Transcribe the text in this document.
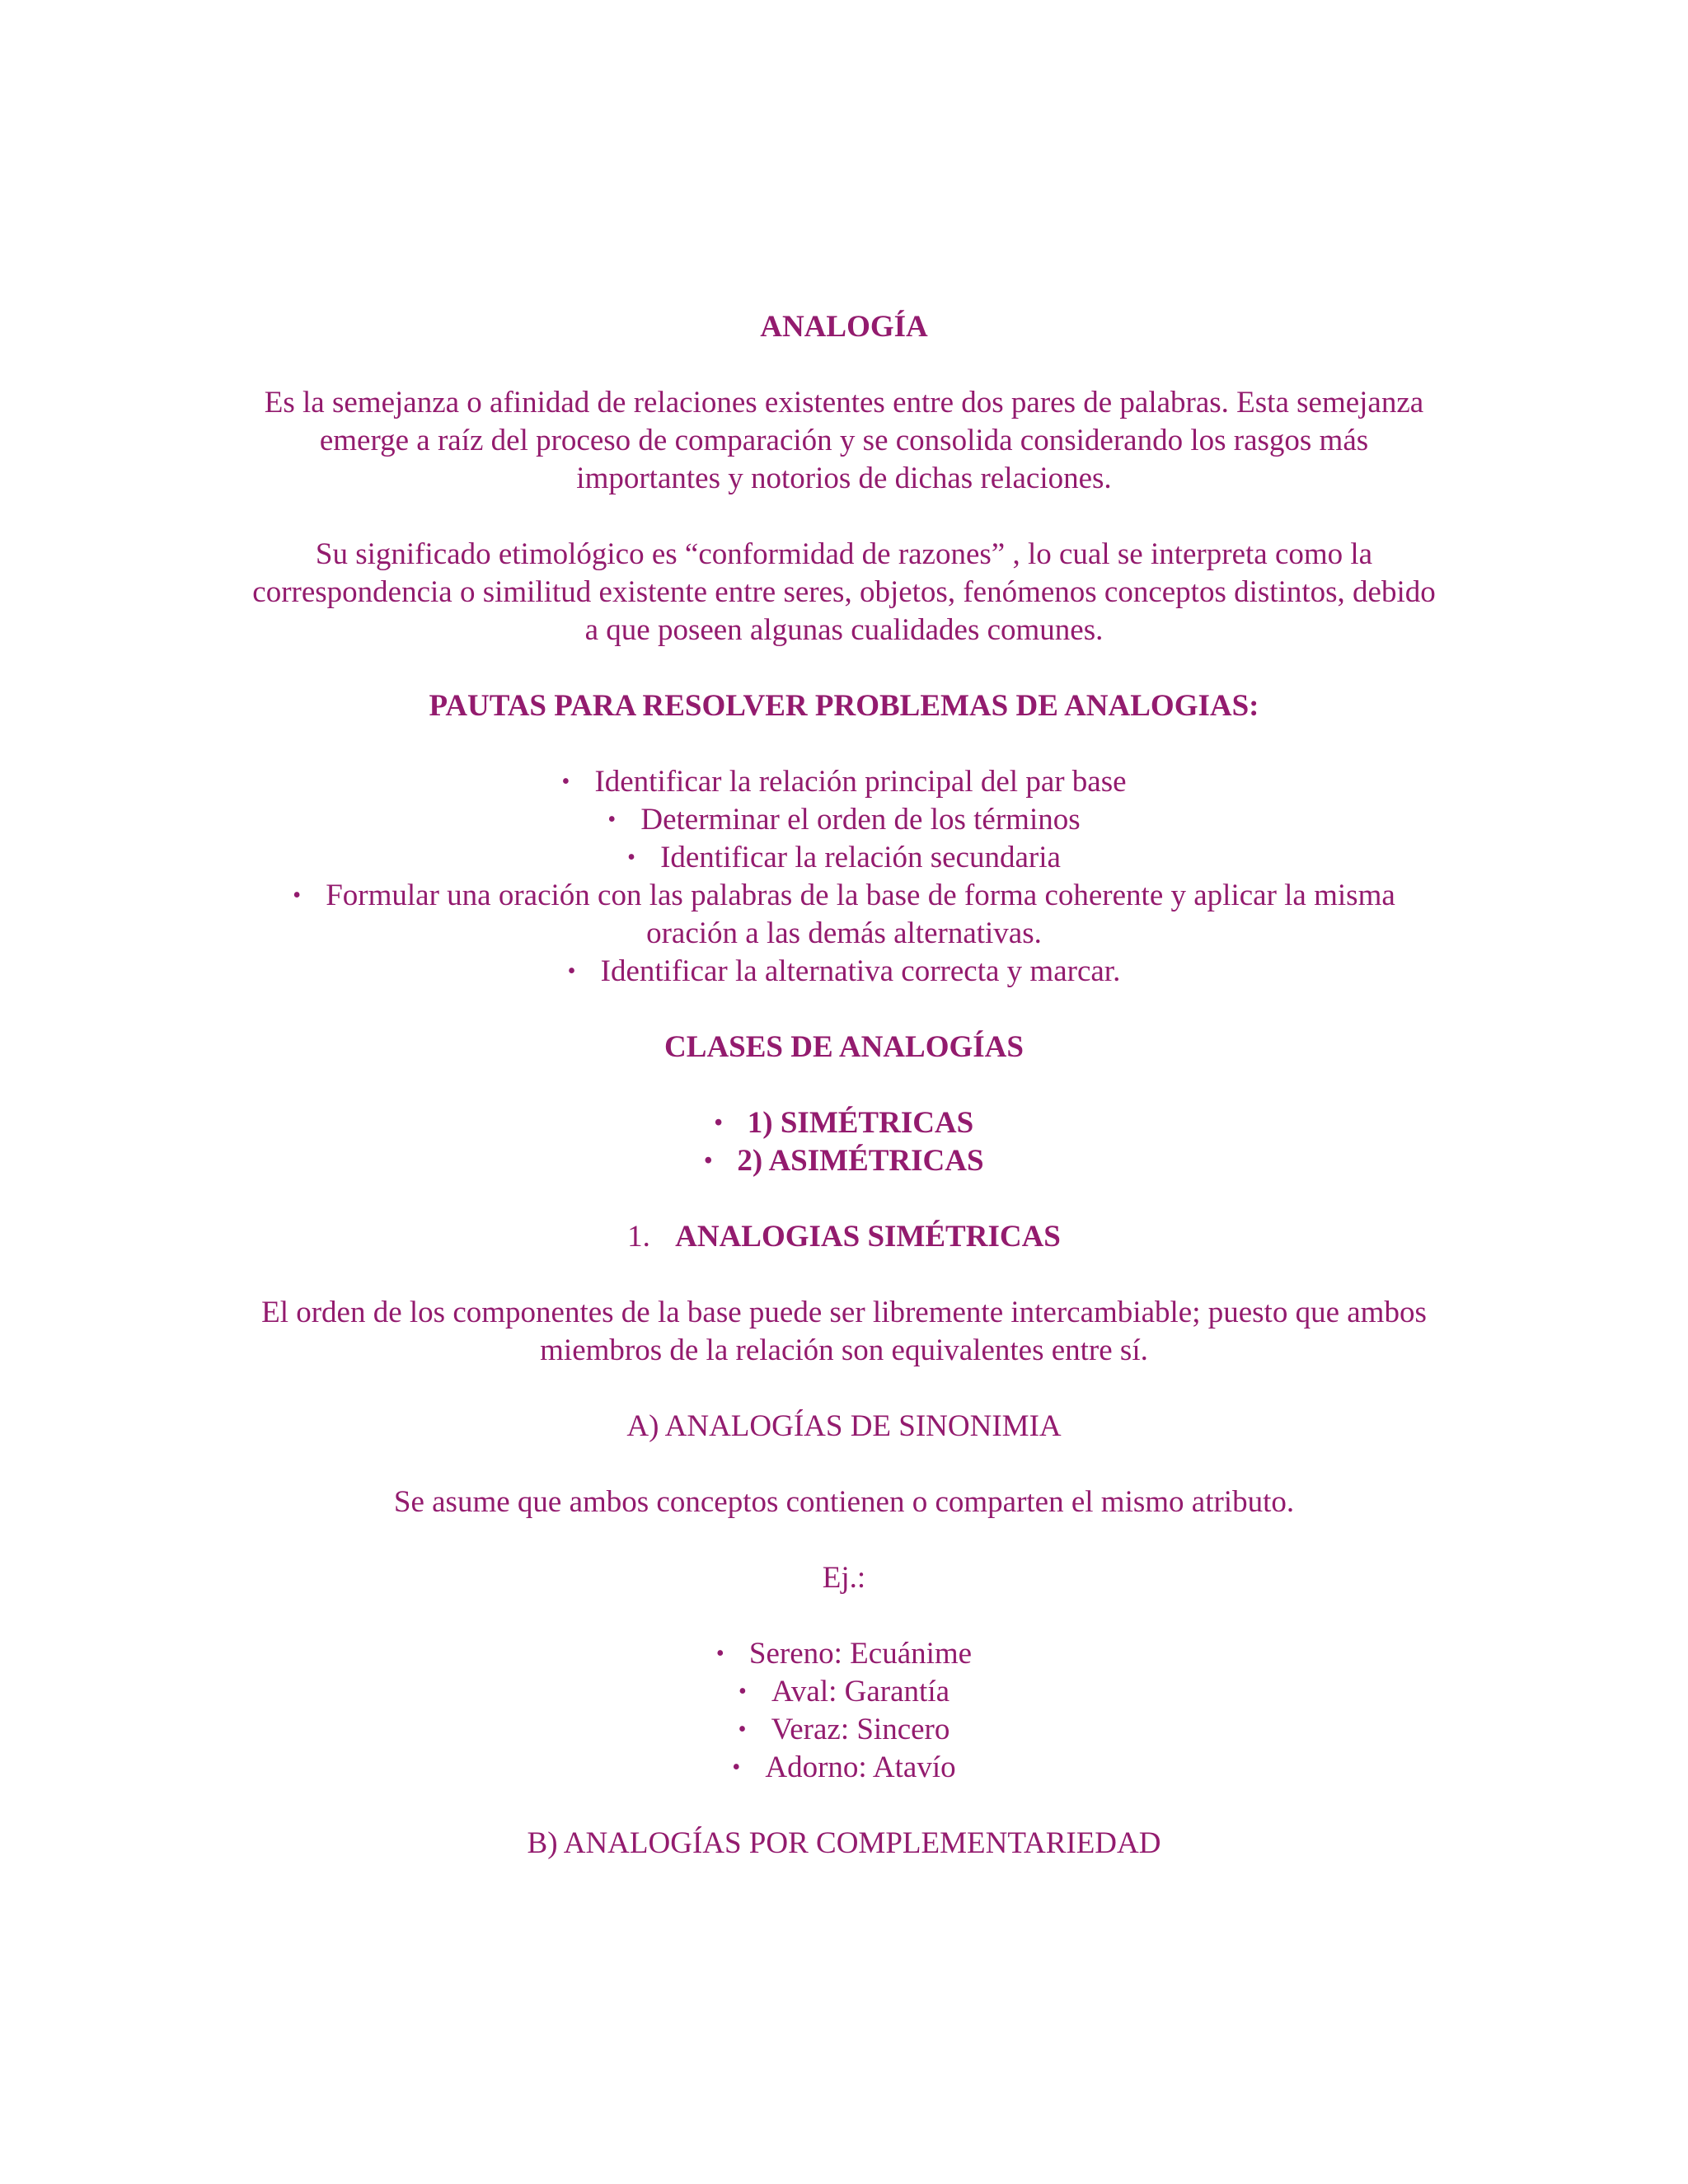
ANALOGÍA
Es la semejanza o afinidad de relaciones existentes entre dos pares de palabras. Esta semejanza
emerge a raíz del proceso de comparación y se consolida considerando los rasgos más
importantes y notorios de dichas relaciones.
Su significado etimológico es “conformidad de razones” , lo cual se interpreta como la
correspondencia o similitud existente entre seres, objetos, fenómenos conceptos distintos, debido
a que poseen algunas cualidades comunes.
PAUTAS PARA RESOLVER PROBLEMAS DE ANALOGIAS:
• Identificar la relación principal del par base
• Determinar el orden de los términos
• Identificar la relación secundaria
• Formular una oración con las palabras de la base de forma coherente y aplicar la misma
oración a las demás alternativas.
• Identificar la alternativa correcta y marcar.
CLASES DE ANALOGÍAS
• 1) SIMÉTRICAS
• 2) ASIMÉTRICAS
1. ANALOGIAS SIMÉTRICAS
El orden de los componentes de la base puede ser libremente intercambiable; puesto que ambos
miembros de la relación son equivalentes entre sí.
A) ANALOGÍAS DE SINONIMIA
Se asume que ambos conceptos contienen o comparten el mismo atributo.
Ej.:
• Sereno: Ecuánime
• Aval: Garantía
• Veraz: Sincero
• Adorno: Atavío
B) ANALOGÍAS POR COMPLEMENTARIEDAD
